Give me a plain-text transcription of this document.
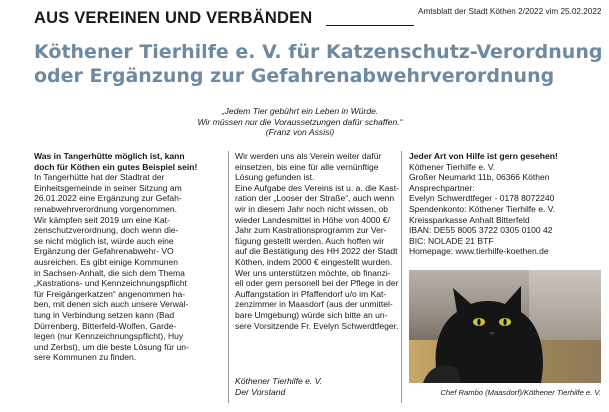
AUS VEREINEN UND VERBÄNDEN	Amtsblatt der Stadt Köthen 2/2022 vim 25.02.2022
Köthener Tierhilfe e. V. für Katzenschutz-Verordnung
oder Ergänzung zur Gefahrenabwehrverordnung
„Jedem Tier gebührt ein Leben in Würde.
Wir müssen nur die Voraussetzungen dafür schaffen.“
(Franz von Assisi)
Was in Tangerhütte möglich ist, kann
doch für Köthen ein gutes Beispiel sein!
In Tangerhütte hat der Stadtrat der
Einheitsgemeinde in seiner Sitzung am
26.01.2022 eine Ergänzung zur Gefah-
renabwehrverordnung vorgenommen.
Wir kämpfen seit 2019 um eine Kat-
zenschutzverordnung, doch wenn die-
se nicht möglich ist, würde auch eine
Ergänzung der Gefahrenabwehr- VO
ausreichen. Es gibt einige Kommunen
in Sachsen-Anhalt, die sich dem Thema
„Kastrations- und Kennzeichnungspflicht
für Freigängerkatzen“ angenommen ha-
ben, mit denen sich auch unsere Verwal-
tung in Verbindung setzen kann (Bad
Dürrenberg, Bitterfeld-Wolfen, Garde-
legen (nur Kennzeichnungspflicht), Huy
und Zerbst), um die beste Lösung für un-
sere Kommunen zu finden.
Wir werden uns als Verein weiter dafür
einsetzen, bis eine für alle vernünftige
Lösung gefunden ist.
Eine Aufgabe des Vereins ist u. a. die Kast-
ration der „Looser der Straße“, auch wenn
wir in diesem Jahr noch nicht wissen, ob
wieder Landesmittel in Höhe von 4000 €/
Jahr zum Kastrationsprogramm zur Ver-
fügung gestellt werden. Auch hoffen wir
auf die Bestätigung des HH 2022 der Stadt
Köthen, indem 2000 € eingestellt wurden.
Wer uns unterstützen möchte, ob finanzi-
ell oder gern personell bei der Pflege in der
Auffangstation in Pfaffendorf u/o im Kat-
zenzimmer in Maasdorf (aus der unmittel-
bare Umgebung) würde sich bitte an un-
sere Vorsitzende Fr. Evelyn Schwerdtfeger.
Köthener Tierhilfe e. V.
Der Vorstand
Jeder Art von Hilfe ist gern gesehen!
Köthener Tierhilfe e. V.
Großer Neumarkt 11b, 06366 Köthen
Ansprechpartner:
Evelyn Schwerdtfeger - 0178 8072240
Spendenkonto: Köthener Tierhilfe e. V.
Kreissparkasse Anhalt Bitterfeld
IBAN: DE55 8005 3722 0305 0100 42
BIC: NOLADE 21 BTF
Homepage: www.tierhilfe-koethen.de
Chef Rambo (Maasdorf)/Köthener Tierhilfe e. V.
